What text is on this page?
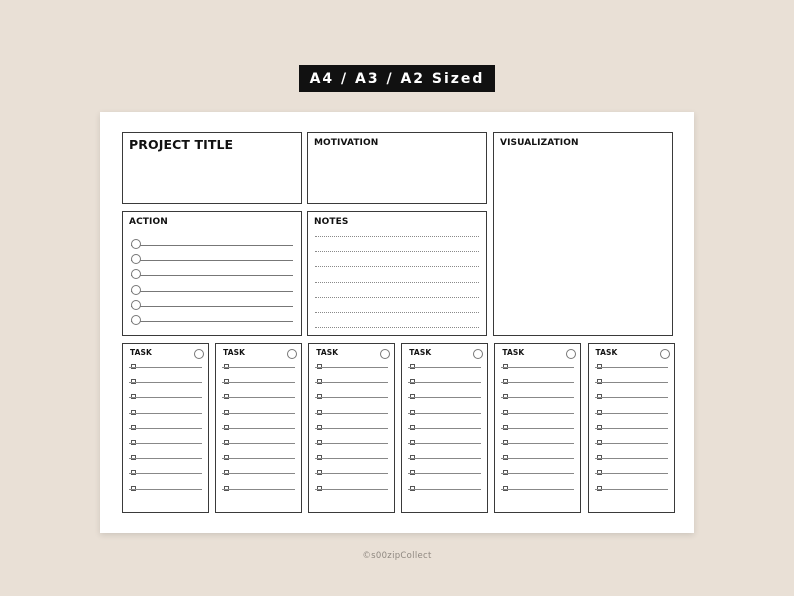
A4 / A3 / A2 Sized
PROJECT TITLE	MOTIVATION	VISUALIZATION
ACTION	NOTES
TASK	TASK	TASK	TASK	TASK	TASK
©s00zipCollect
